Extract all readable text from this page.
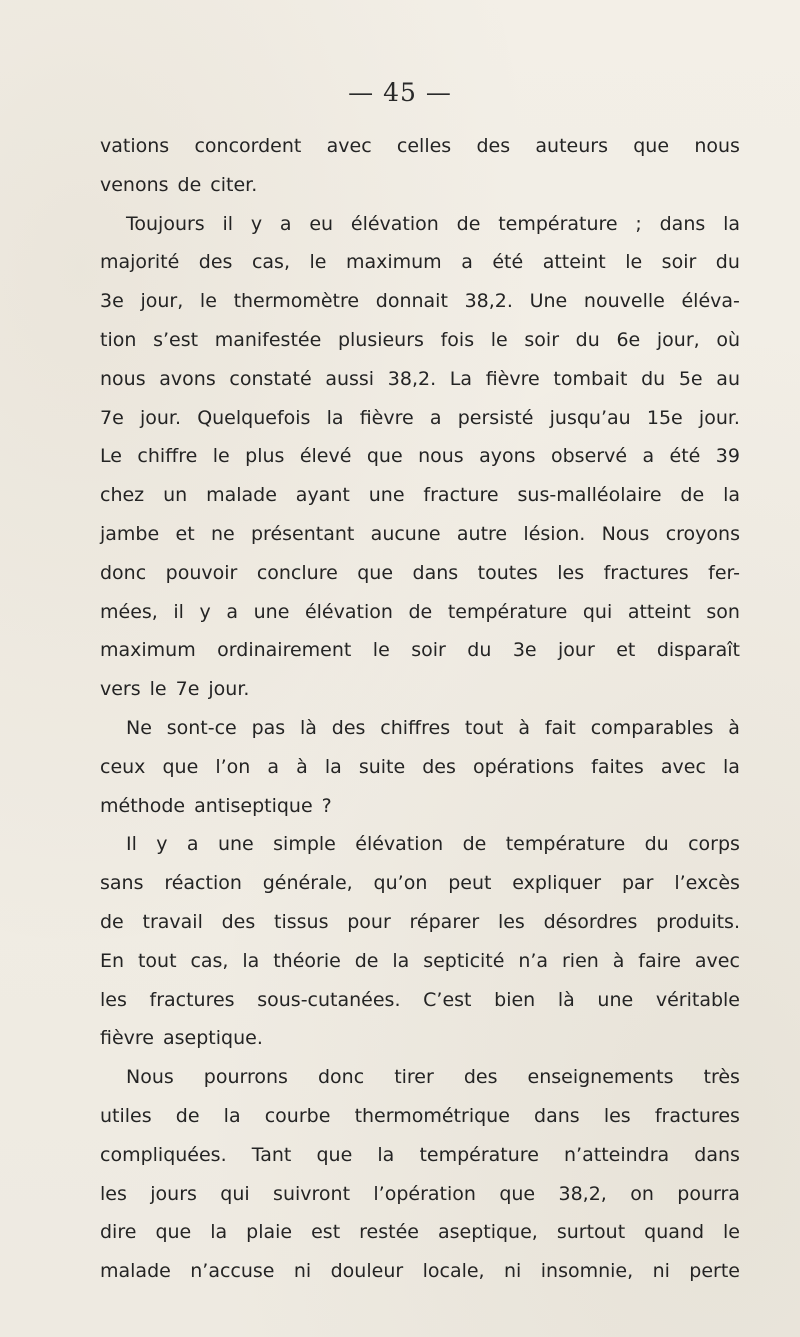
— 45 —
vations concordent avec celles des auteurs que nous
venons de citer.
Toujours il y a eu élévation de température ; dans la
majorité des cas, le maximum a été atteint le soir du
3e jour, le thermomètre donnait 38,2. Une nouvelle éléva-
tion s’est manifestée plusieurs fois le soir du 6e jour, où
nous avons constaté aussi 38,2. La fièvre tombait du 5e au
7e jour. Quelquefois la fièvre a persisté jusqu’au 15e jour.
Le chiffre le plus élevé que nous ayons observé a été 39
chez un malade ayant une fracture sus-malléolaire de la
jambe et ne présentant aucune autre lésion. Nous croyons
donc pouvoir conclure que dans toutes les fractures fer-
mées, il y a une élévation de température qui atteint son
maximum ordinairement le soir du 3e jour et disparaît
vers le 7e jour.
Ne sont-ce pas là des chiffres tout à fait comparables à
ceux que l’on a à la suite des opérations faites avec la
méthode antiseptique ?
Il y a une simple élévation de température du corps
sans réaction générale, qu’on peut expliquer par l’excès
de travail des tissus pour réparer les désordres produits.
En tout cas, la théorie de la septicité n’a rien à faire avec
les fractures sous-cutanées. C’est bien là une véritable
fièvre aseptique.
Nous pourrons donc tirer des enseignements très
utiles de la courbe thermométrique dans les fractures
compliquées. Tant que la température n’atteindra dans
les jours qui suivront l’opération que 38,2, on pourra
dire que la plaie est restée aseptique, surtout quand le
malade n’accuse ni douleur locale, ni insomnie, ni perte
